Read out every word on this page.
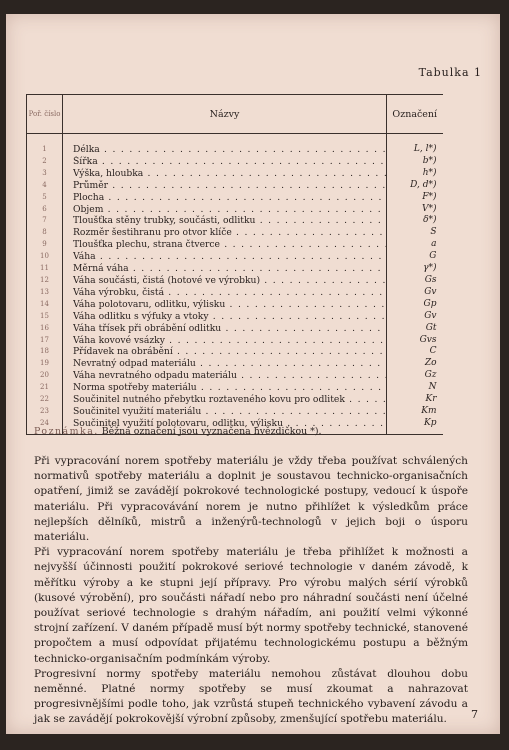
Tabulka 1
Poř. číslo	Názvy	Označení
1	Délka . . .	L, l*)
2	Šířka . . .	b*)
3	Výška, hloubka . . .	h*)
4	Průměr . . .	D, d*)
5	Plocha . . .	F*)
6	Objem . . .	V*)
7	Tloušťka stěny trubky, součásti, odlitku . . .	δ*)
8	Rozměr šestihranu pro otvor klíče . . .	S
9	Tloušťka plechu, strana čtverce . . .	a
10	Váha . . .	G
11	Měrná váha . . .	γ*)
12	Váha součásti, čistá (hotové ve výrobku) . . .	Gs
13	Váha výrobku, čistá . . .	Gv
14	Váha polotovaru, odlitku, výlisku . . .	Gp
15	Váha odlitku s výfuky a vtoky . . .	Gv
16	Váha třísek při obrábění odlitku . . .	Gt
17	Váha kovové vsázky . . .	Gvs
18	Přídavek na obrábění . . .	C
19	Nevratný odpad materiálu . . .	Zo
20	Váha nevratného odpadu materiálu . . .	Gz
21	Norma spotřeby materiálu . . .	N
22	Součinitel nutného přebytku roztaveného kovu pro odlitek . . .	Kr
23	Součinitel využití materiálu . . .	Km
24	Součinitel využití polotovaru, odlitku, výlisku . . .	Kp
Poznámka. Běžná označení jsou vyznačena hvězdičkou *).

Při vypracování norem spotřeby materiálu je vždy třeba používat schválených normativů spotřeby materiálu a doplnit je soustavou technicko-organisačních opatření, jimiž se zavádějí pokrokové technologické postupy, vedoucí k úspoře materiálu. Při vypracovávání norem je nutno přihlížet k výsledkům práce nejlepších dělníků, mistrů a inženýrů-technologů v jejich boji o úsporu materiálu.

Při vypracování norem spotřeby materiálu je třeba přihlížet k možnosti a nejvyšší účinnosti použití pokrokové seriové technologie v daném závodě, k měřítku výroby a ke stupni její přípravy. Pro výrobu malých sérií výrobků (kusové výrobění), pro součásti nářadí nebo pro náhradní součásti není účelné používat seriové technologie s drahým nářadím, ani použití velmi výkonné strojní zařízení. V daném případě musí být normy spotřeby technické, stanovené propočtem a musí odpovídat přijatému technologickému postupu a běžným technicko-organisačním podmínkám výroby.

Progresivní normy spotřeby materiálu nemohou zůstávat dlouhou dobu neměnné. Platné normy spotřeby se musí zkoumat a nahrazovat progresivnějšími podle toho, jak vzrůstá stupeň technického vybavení závodu a jak se zavádějí pokrokovější výrobní způsoby, zmenšující spotřebu materiálu.	7
